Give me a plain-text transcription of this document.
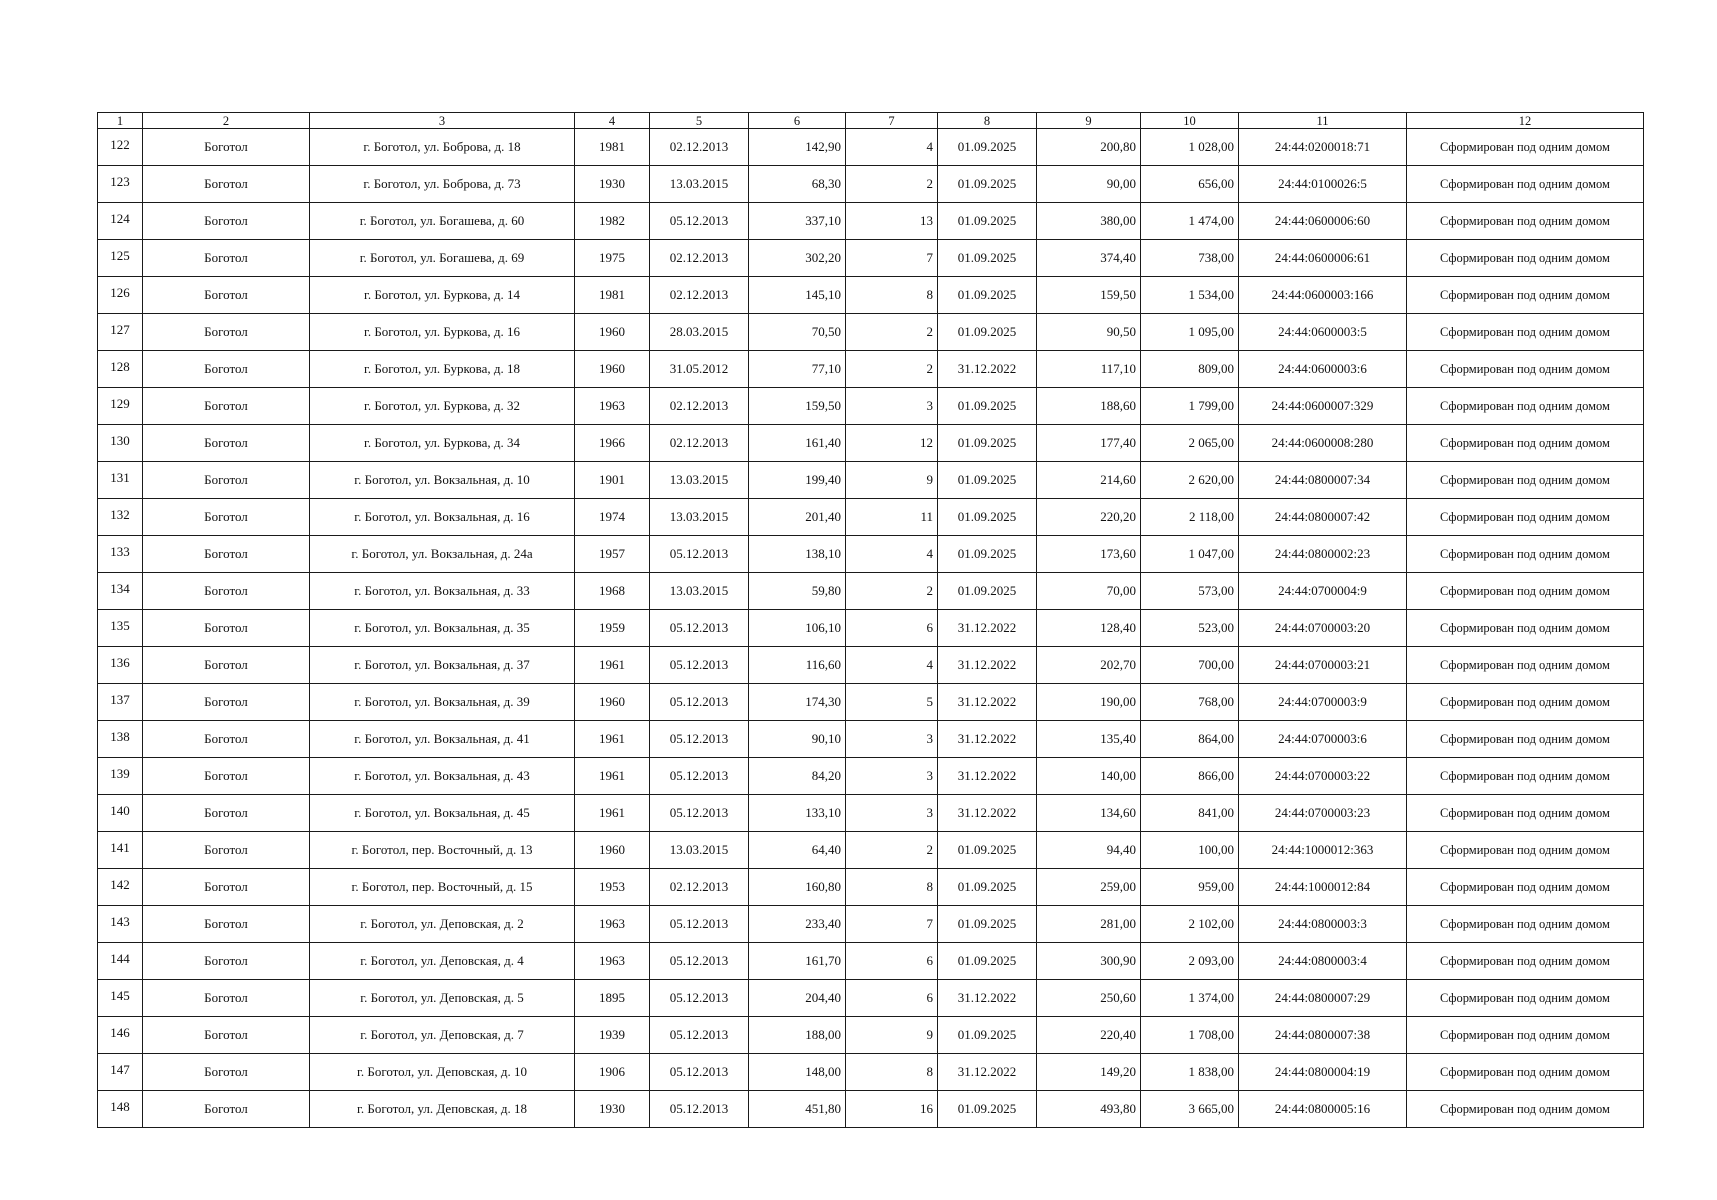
1	2	3	4	5	6	7	8	9	10	11	12
122	Боготол	г. Боготол, ул. Боброва, д. 18	1981	02.12.2013	142,90	4	01.09.2025	200,80	1 028,00	24:44:0200018:71	Сформирован под одним домом
123	Боготол	г. Боготол, ул. Боброва, д. 73	1930	13.03.2015	68,30	2	01.09.2025	90,00	656,00	24:44:0100026:5	Сформирован под одним домом
124	Боготол	г. Боготол, ул. Богашева, д. 60	1982	05.12.2013	337,10	13	01.09.2025	380,00	1 474,00	24:44:0600006:60	Сформирован под одним домом
125	Боготол	г. Боготол, ул. Богашева, д. 69	1975	02.12.2013	302,20	7	01.09.2025	374,40	738,00	24:44:0600006:61	Сформирован под одним домом
126	Боготол	г. Боготол, ул. Буркова, д. 14	1981	02.12.2013	145,10	8	01.09.2025	159,50	1 534,00	24:44:0600003:166	Сформирован под одним домом
127	Боготол	г. Боготол, ул. Буркова, д. 16	1960	28.03.2015	70,50	2	01.09.2025	90,50	1 095,00	24:44:0600003:5	Сформирован под одним домом
128	Боготол	г. Боготол, ул. Буркова, д. 18	1960	31.05.2012	77,10	2	31.12.2022	117,10	809,00	24:44:0600003:6	Сформирован под одним домом
129	Боготол	г. Боготол, ул. Буркова, д. 32	1963	02.12.2013	159,50	3	01.09.2025	188,60	1 799,00	24:44:0600007:329	Сформирован под одним домом
130	Боготол	г. Боготол, ул. Буркова, д. 34	1966	02.12.2013	161,40	12	01.09.2025	177,40	2 065,00	24:44:0600008:280	Сформирован под одним домом
131	Боготол	г. Боготол, ул. Вокзальная, д. 10	1901	13.03.2015	199,40	9	01.09.2025	214,60	2 620,00	24:44:0800007:34	Сформирован под одним домом
132	Боготол	г. Боготол, ул. Вокзальная, д. 16	1974	13.03.2015	201,40	11	01.09.2025	220,20	2 118,00	24:44:0800007:42	Сформирован под одним домом
133	Боготол	г. Боготол, ул. Вокзальная, д. 24а	1957	05.12.2013	138,10	4	01.09.2025	173,60	1 047,00	24:44:0800002:23	Сформирован под одним домом
134	Боготол	г. Боготол, ул. Вокзальная, д. 33	1968	13.03.2015	59,80	2	01.09.2025	70,00	573,00	24:44:0700004:9	Сформирован под одним домом
135	Боготол	г. Боготол, ул. Вокзальная, д. 35	1959	05.12.2013	106,10	6	31.12.2022	128,40	523,00	24:44:0700003:20	Сформирован под одним домом
136	Боготол	г. Боготол, ул. Вокзальная, д. 37	1961	05.12.2013	116,60	4	31.12.2022	202,70	700,00	24:44:0700003:21	Сформирован под одним домом
137	Боготол	г. Боготол, ул. Вокзальная, д. 39	1960	05.12.2013	174,30	5	31.12.2022	190,00	768,00	24:44:0700003:9	Сформирован под одним домом
138	Боготол	г. Боготол, ул. Вокзальная, д. 41	1961	05.12.2013	90,10	3	31.12.2022	135,40	864,00	24:44:0700003:6	Сформирован под одним домом
139	Боготол	г. Боготол, ул. Вокзальная, д. 43	1961	05.12.2013	84,20	3	31.12.2022	140,00	866,00	24:44:0700003:22	Сформирован под одним домом
140	Боготол	г. Боготол, ул. Вокзальная, д. 45	1961	05.12.2013	133,10	3	31.12.2022	134,60	841,00	24:44:0700003:23	Сформирован под одним домом
141	Боготол	г. Боготол, пер. Восточный, д. 13	1960	13.03.2015	64,40	2	01.09.2025	94,40	100,00	24:44:1000012:363	Сформирован под одним домом
142	Боготол	г. Боготол, пер. Восточный, д. 15	1953	02.12.2013	160,80	8	01.09.2025	259,00	959,00	24:44:1000012:84	Сформирован под одним домом
143	Боготол	г. Боготол, ул. Деповская, д. 2	1963	05.12.2013	233,40	7	01.09.2025	281,00	2 102,00	24:44:0800003:3	Сформирован под одним домом
144	Боготол	г. Боготол, ул. Деповская, д. 4	1963	05.12.2013	161,70	6	01.09.2025	300,90	2 093,00	24:44:0800003:4	Сформирован под одним домом
145	Боготол	г. Боготол, ул. Деповская, д. 5	1895	05.12.2013	204,40	6	31.12.2022	250,60	1 374,00	24:44:0800007:29	Сформирован под одним домом
146	Боготол	г. Боготол, ул. Деповская, д. 7	1939	05.12.2013	188,00	9	01.09.2025	220,40	1 708,00	24:44:0800007:38	Сформирован под одним домом
147	Боготол	г. Боготол, ул. Деповская, д. 10	1906	05.12.2013	148,00	8	31.12.2022	149,20	1 838,00	24:44:0800004:19	Сформирован под одним домом
148	Боготол	г. Боготол, ул. Деповская, д. 18	1930	05.12.2013	451,80	16	01.09.2025	493,80	3 665,00	24:44:0800005:16	Сформирован под одним домом
